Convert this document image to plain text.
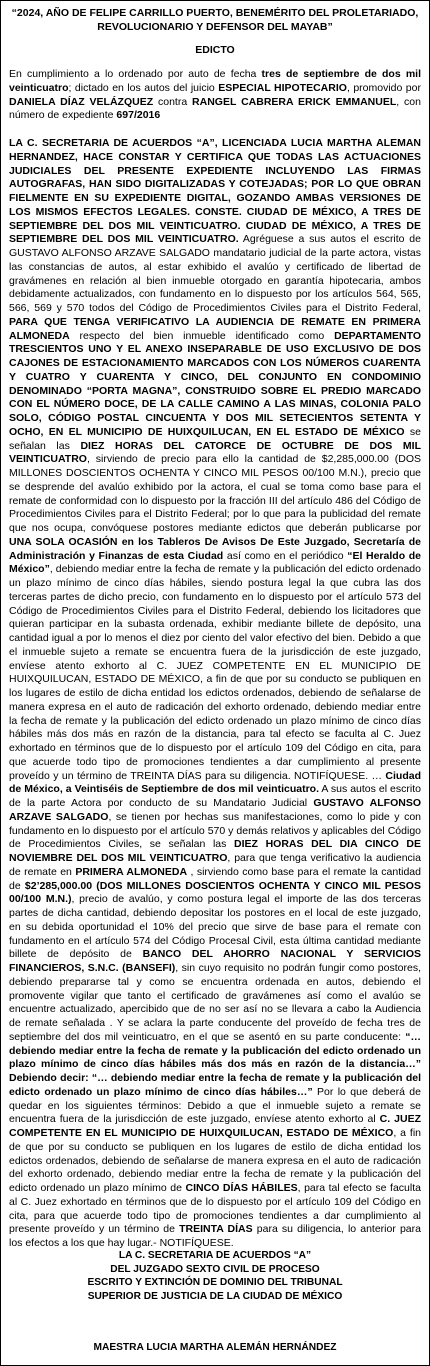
“2024, AÑO DE FELIPE CARRILLO PUERTO, BENEMÉRITO DEL PROLETARIADO,
REVOLUCIONARIO Y DEFENSOR DEL MAYAB”
EDICTO
En cumplimiento a lo ordenado por auto de fecha tres de septiembre de dos mil veinticuatro; dictado en los autos del juicio ESPECIAL HIPOTECARIO, promovido por DANIELA DÍAZ VELÁZQUEZ contra RANGEL CABRERA ERICK EMMANUEL, con número de expediente 697/2016
LA C. SECRETARIA DE ACUERDOS “A”, LICENCIADA LUCIA MARTHA ALEMAN HERNANDEZ, HACE CONSTAR Y CERTIFICA QUE TODAS LAS ACTUACIONES JUDICIALES DEL PRESENTE EXPEDIENTE INCLUYENDO LAS FIRMAS AUTOGRAFAS, HAN SIDO DIGITALIZADAS Y COTEJADAS; POR LO QUE OBRAN FIELMENTE EN SU EXPEDIENTE DIGITAL, GOZANDO AMBAS VERSIONES DE LOS MISMOS EFECTOS LEGALES. CONSTE. CIUDAD DE MÉXICO, A TRES DE SEPTIEMBRE DEL DOS MIL VEINTICUATRO. CIUDAD DE MÉXICO, A TRES DE SEPTIEMBRE DEL DOS MIL VEINTICUATRO. Agréguese a sus autos el escrito de GUSTAVO ALFONSO ARZAVE SALGADO mandatario judicial de la parte actora, vistas las constancias de autos, al estar exhibido el avalúo y certificado de libertad de gravámenes en relación al bien inmueble otorgado en garantía hipotecaria, ambos debidamente actualizados, con fundamento en lo dispuesto por los artículos 564, 565, 566, 569 y 570 todos del Código de Procedimientos Civiles para el Distrito Federal, PARA QUE TENGA VERIFICATIVO LA AUDIENCIA DE REMATE EN PRIMERA ALMONEDA respecto del bien inmueble identificado como DEPARTAMENTO TRESCIENTOS UNO Y EL ANEXO INSEPARABLE DE USO EXCLUSIVO DE DOS CAJONES DE ESTACIONAMIENTO MARCADOS CON LOS NÚMEROS CUARENTA Y CUATRO Y CUARENTA Y CINCO, DEL CONJUNTO EN CONDOMINIO DENOMINADO “PORTA MAGNA”, CONSTRUIDO SOBRE EL PREDIO MARCADO CON EL NÚMERO DOCE, DE LA CALLE CAMINO A LAS MINAS, COLONIA PALO SOLO, CÓDIGO POSTAL CINCUENTA Y DOS MIL SETECIENTOS SETENTA Y OCHO, EN EL MUNICIPIO DE HUIXQUILUCAN, EN EL ESTADO DE MÉXICO se señalan las DIEZ HORAS DEL CATORCE DE OCTUBRE DE DOS MIL VEINTICUATRO, sirviendo de precio para ello la cantidad de $2,285,000.00 (DOS MILLONES DOSCIENTOS OCHENTA Y CINCO MIL PESOS 00/100 M.N.), precio que se desprende del avalúo exhibido por la actora, el cual se toma como base para el remate de conformidad con lo dispuesto por la fracción III del artículo 486 del Código de Procedimientos Civiles para el Distrito Federal; por lo que para la publicidad del remate que nos ocupa, convóquese postores mediante edictos que deberán publicarse por UNA SOLA OCASIÓN en los Tableros De Avisos De Este Juzgado, Secretaría de Administración y Finanzas de esta Ciudad así como en el periódico “El Heraldo de México”, debiendo mediar entre la fecha de remate y la publicación del edicto ordenado un plazo mínimo de cinco días hábiles, siendo postura legal la que cubra las dos terceras partes de dicho precio, con fundamento en lo dispuesto por el artículo 573 del Código de Procedimientos Civiles para el Distrito Federal, debiendo los licitadores que quieran participar en la subasta ordenada, exhibir mediante billete de depósito, una cantidad igual a por lo menos el diez por ciento del valor efectivo del bien. Debido a que el inmueble sujeto a remate se encuentra fuera de la jurisdicción de este juzgado, envíese atento exhorto al C. JUEZ COMPETENTE EN EL MUNICIPIO DE HUIXQUILUCAN, ESTADO DE MÉXICO, a fin de que por su conducto se publiquen en los lugares de estilo de dicha entidad los edictos ordenados, debiendo de señalarse de manera expresa en el auto de radicación del exhorto ordenado, debiendo mediar entre la fecha de remate y la publicación del edicto ordenado un plazo mínimo de cinco días hábiles más dos más en razón de la distancia, para tal efecto se faculta al C. Juez exhortado en términos que de lo dispuesto por el artículo 109 del Código en cita, para que acuerde todo tipo de promociones tendientes a dar cumplimiento al presente proveído y un término de TREINTA DÍAS para su diligencia. NOTIFÍQUESE. … Ciudad de México, a Veintiséis de Septiembre de dos mil veinticuatro. A sus autos el escrito de la parte Actora por conducto de su Mandatario Judicial GUSTAVO ALFONSO ARZAVE SALGADO, se tienen por hechas sus manifestaciones, como lo pide y con fundamento en lo dispuesto por el artículo 570 y demás relativos y aplicables del Código de Procedimientos Civiles, se señalan las DIEZ HORAS DEL DIA CINCO DE NOVIEMBRE DEL DOS MIL VEINTICUATRO, para que tenga verificativo la audiencia de remate en PRIMERA ALMONEDA , sirviendo como base para el remate la cantidad de $2’285,000.00 (DOS MILLONES DOSCIENTOS OCHENTA Y CINCO MIL PESOS 00/100 M.N.), precio de avalúo, y como postura legal el importe de las dos terceras partes de dicha cantidad, debiendo depositar los postores en el local de este juzgado, en su debida oportunidad el 10% del precio que sirve de base para el remate con fundamento en el artículo 574 del Código Procesal Civil, esta última cantidad mediante billete de depósito de BANCO DEL AHORRO NACIONAL Y SERVICIOS FINANCIEROS, S.N.C. (BANSEFI), sin cuyo requisito no podrán fungir como postores, debiendo prepararse tal y como se encuentra ordenada en autos, debiendo el promovente vigilar que tanto el certificado de gravámenes así como el avalúo se encuentre actualizado, apercibido que de no ser así no se llevara a cabo la Audiencia de remate señalada . Y se aclara la parte conducente del proveído de fecha tres de septiembre del dos mil veinticuatro, en el que se asentó en su parte conducente: “… debiendo mediar entre la fecha de remate y la publicación del edicto ordenado un plazo mínimo de cinco días hábiles más dos más en razón de la distancia…” Debiendo decir: “… debiendo mediar entre la fecha de remate y la publicación del edicto ordenado un plazo mínimo de cinco días hábiles…” Por lo que deberá de quedar en los siguientes términos: Debido a que el inmueble sujeto a remate se encuentra fuera de la jurisdicción de este juzgado, envíese atento exhorto al C. JUEZ COMPETENTE EN EL MUNICIPIO DE HUIXQUILUCAN, ESTADO DE MÉXICO, a fin de que por su conducto se publiquen en los lugares de estilo de dicha entidad los edictos ordenados, debiendo de señalarse de manera expresa en el auto de radicación del exhorto ordenado, debiendo mediar entre la fecha de remate y la publicación del edicto ordenado un plazo mínimo de CINCO DÍAS HÁBILES, para tal efecto se faculta al C. Juez exhortado en términos que de lo dispuesto por el artículo 109 del Código en cita, para que acuerde todo tipo de promociones tendientes a dar cumplimiento al presente proveído y un término de TREINTA DÍAS para su diligencia, lo anterior para los efectos a los que hay lugar.- NOTIFÍQUESE.
LA C. SECRETARIA DE ACUERDOS “A”
DEL JUZGADO SEXTO CIVIL DE PROCESO
ESCRITO Y EXTINCIÓN DE DOMINIO DEL TRIBUNAL
SUPERIOR DE JUSTICIA DE LA CIUDAD DE MÉXICO
MAESTRA LUCIA MARTHA ALEMÁN HERNÁNDEZ
